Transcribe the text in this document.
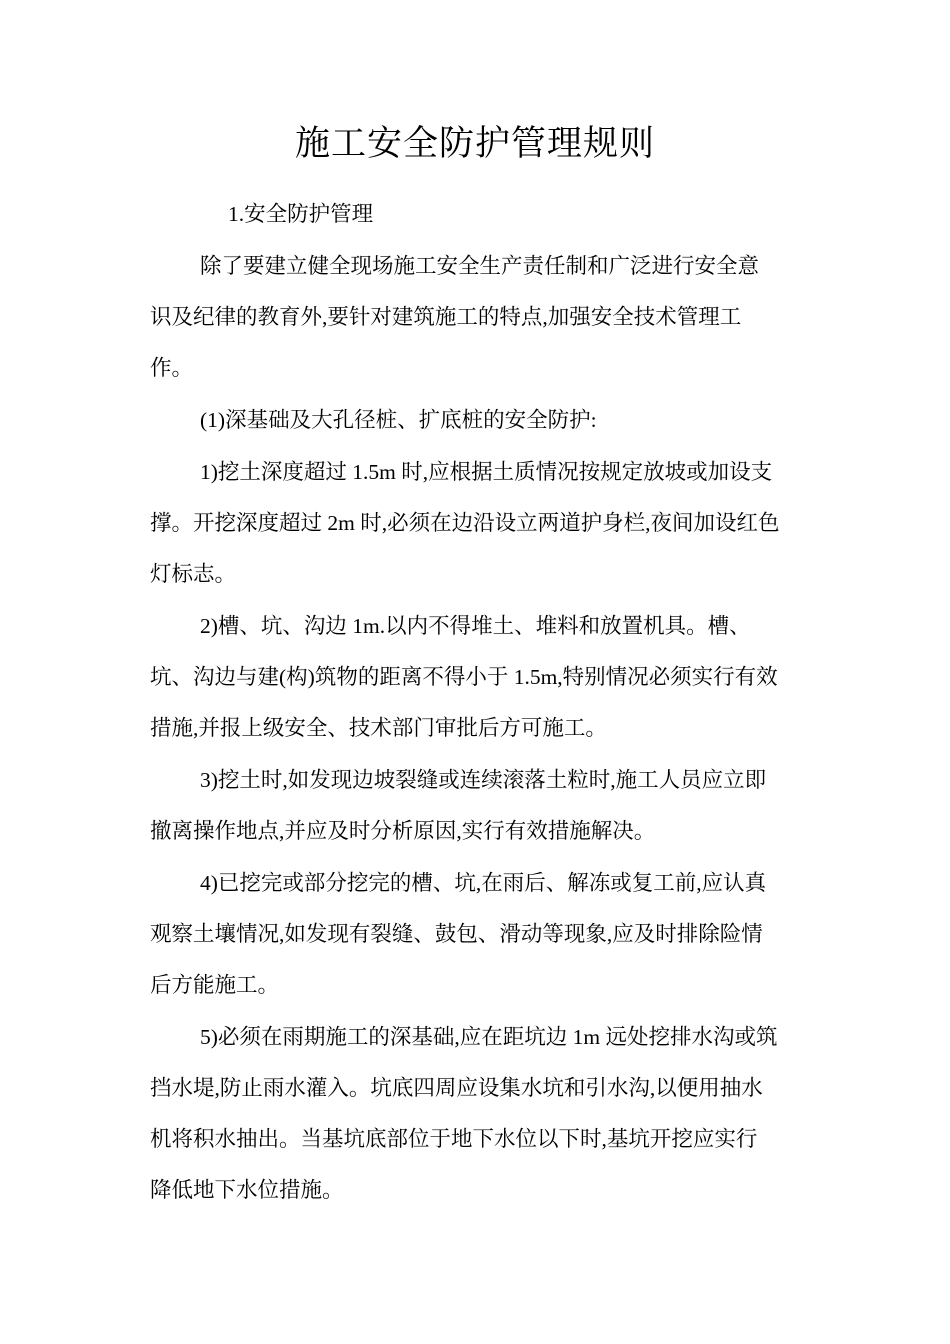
施工安全防护管理规则
1.安全防护管理
除了要建立健全现场施工安全生产责任制和广泛进行安全意
识及纪律的教育外,要针对建筑施工的特点,加强安全技术管理工
作。
(1)深基础及大孔径桩、扩底桩的安全防护:
1)挖土深度超过 1.5m 时,应根据土质情况按规定放坡或加设支
撑。开挖深度超过 2m 时,必须在边沿设立两道护身栏,夜间加设红色
灯标志。
2)槽、坑、沟边 1m.以内不得堆土、堆料和放置机具。槽、
坑、沟边与建(构)筑物的距离不得小于 1.5m,特别情况必须实行有效
措施,并报上级安全、技术部门审批后方可施工。
3)挖土时,如发现边坡裂缝或连续滚落土粒时,施工人员应立即
撤离操作地点,并应及时分析原因,实行有效措施解决。
4)已挖完或部分挖完的槽、坑,在雨后、解冻或复工前,应认真
观察土壤情况,如发现有裂缝、鼓包、滑动等现象,应及时排除险情
后方能施工。
5)必须在雨期施工的深基础,应在距坑边 1m 远处挖排水沟或筑
挡水堤,防止雨水灌入。坑底四周应设集水坑和引水沟,以便用抽水
机将积水抽出。当基坑底部位于地下水位以下时,基坑开挖应实行
降低地下水位措施。
